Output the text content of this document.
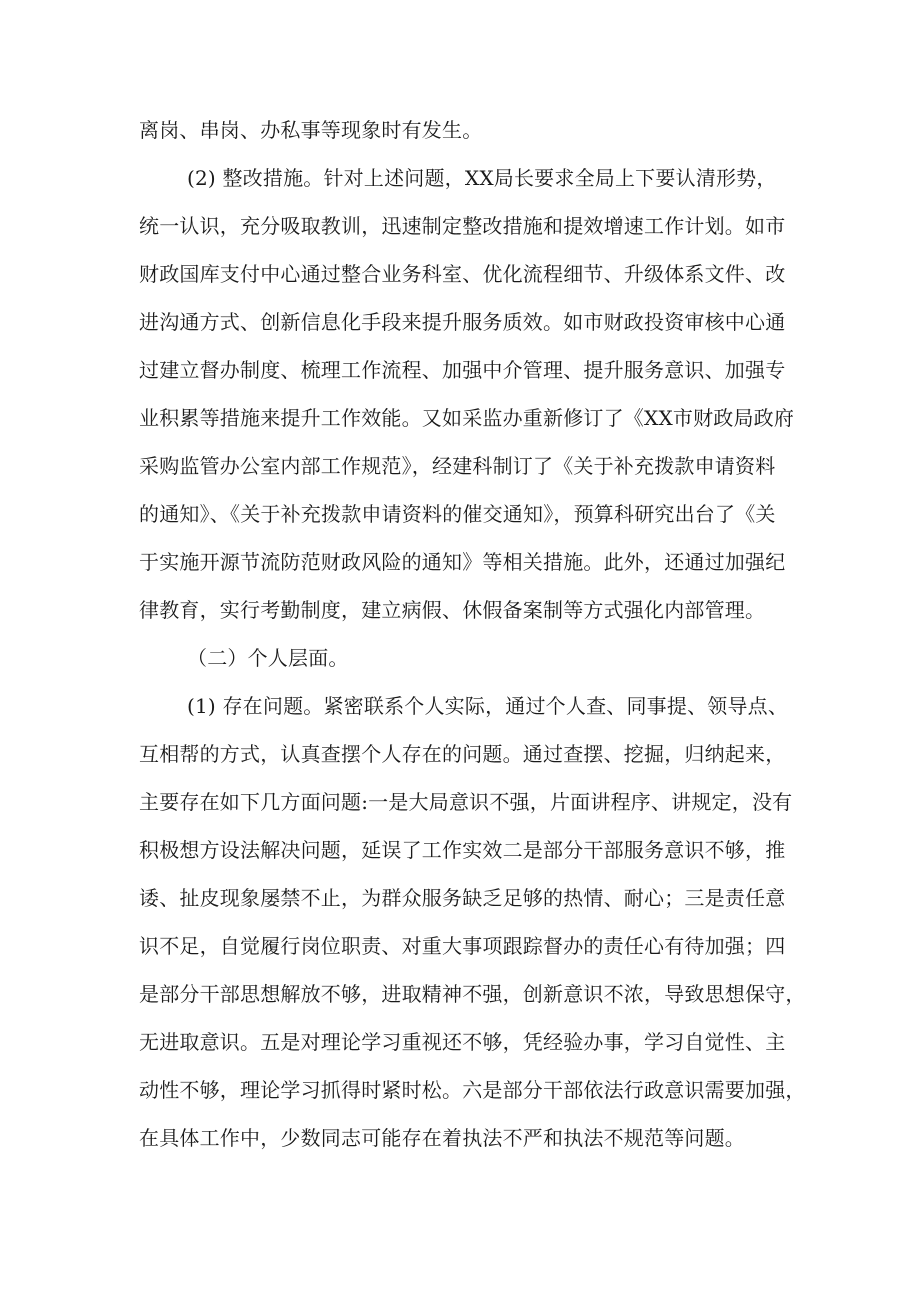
离岗、串岗、办私事等现象时有发生。

(2) 整改措施。针对上述问题，XX局长要求全局上下要认清形势，

统一认识，充分吸取教训，迅速制定整改措施和提效增速工作计划。如市

财政国库支付中心通过整合业务科室、优化流程细节、升级体系文件、改

进沟通方式、创新信息化手段来提升服务质效。如市财政投资审核中心通

过建立督办制度、梳理工作流程、加强中介管理、提升服务意识、加强专

业积累等措施来提升工作效能。又如采监办重新修订了《XX市财政局政府

采购监管办公室内部工作规范》，经建科制订了《关于补充拨款申请资料

的通知》、《关于补充拨款申请资料的催交通知》，预算科研究出台了《关

于实施开源节流防范财政风险的通知》等相关措施。此外，还通过加强纪

律教育，实行考勤制度，建立病假、休假备案制等方式强化内部管理。

（二）个人层面。

(1) 存在问题。紧密联系个人实际，通过个人查、同事提、领导点、

互相帮的方式，认真查摆个人存在的问题。通过查摆、挖掘，归纳起来，

主要存在如下几方面问题:一是大局意识不强，片面讲程序、讲规定，没有

积极想方设法解决问题，延误了工作实效二是部分干部服务意识不够，推

诿、扯皮现象屡禁不止，为群众服务缺乏足够的热情、耐心；三是责任意

识不足，自觉履行岗位职责、对重大事项跟踪督办的责任心有待加强；四

是部分干部思想解放不够，进取精神不强，创新意识不浓，导致思想保守，

无进取意识。五是对理论学习重视还不够，凭经验办事，学习自觉性、主

动性不够，理论学习抓得时紧时松。六是部分干部依法行政意识需要加强，

在具体工作中，少数同志可能存在着执法不严和执法不规范等问题。
